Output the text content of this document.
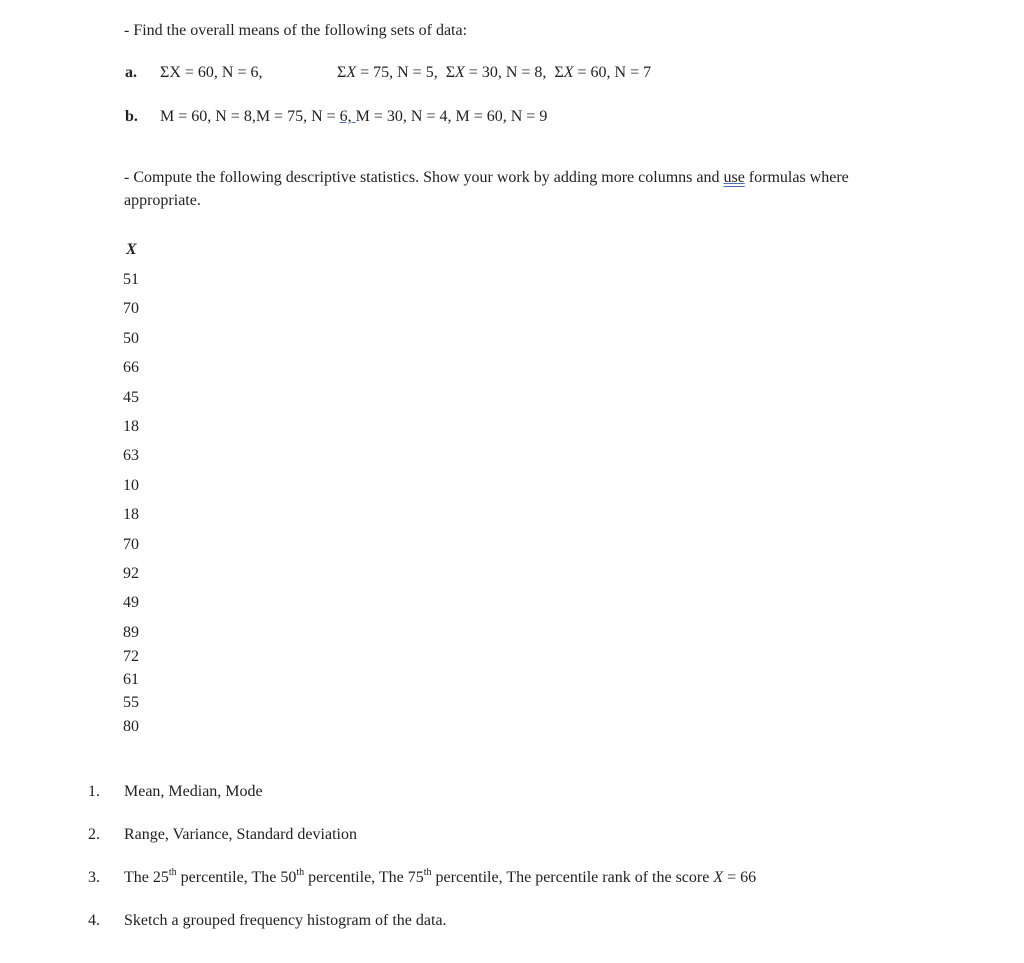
- Find the overall means of the following sets of data:
a. ΣX = 60, N = 6,	ΣX = 75, N = 5, ΣX = 30, N = 8, ΣX = 60, N = 7
b. M = 60, N = 8,M = 75, N = 6, M = 30, N = 4, M = 60, N = 9
- Compute the following descriptive statistics. Show your work by adding more columns and use formulas where
appropriate.
X
51
70
50
66
45
18
63
10
18
70
92
49
89
72
61
55
80
1. Mean, Median, Mode
2. Range, Variance, Standard deviation
3. The 25th percentile, The 50th percentile, The 75th percentile, The percentile rank of the score X = 66
4. Sketch a grouped frequency histogram of the data.
